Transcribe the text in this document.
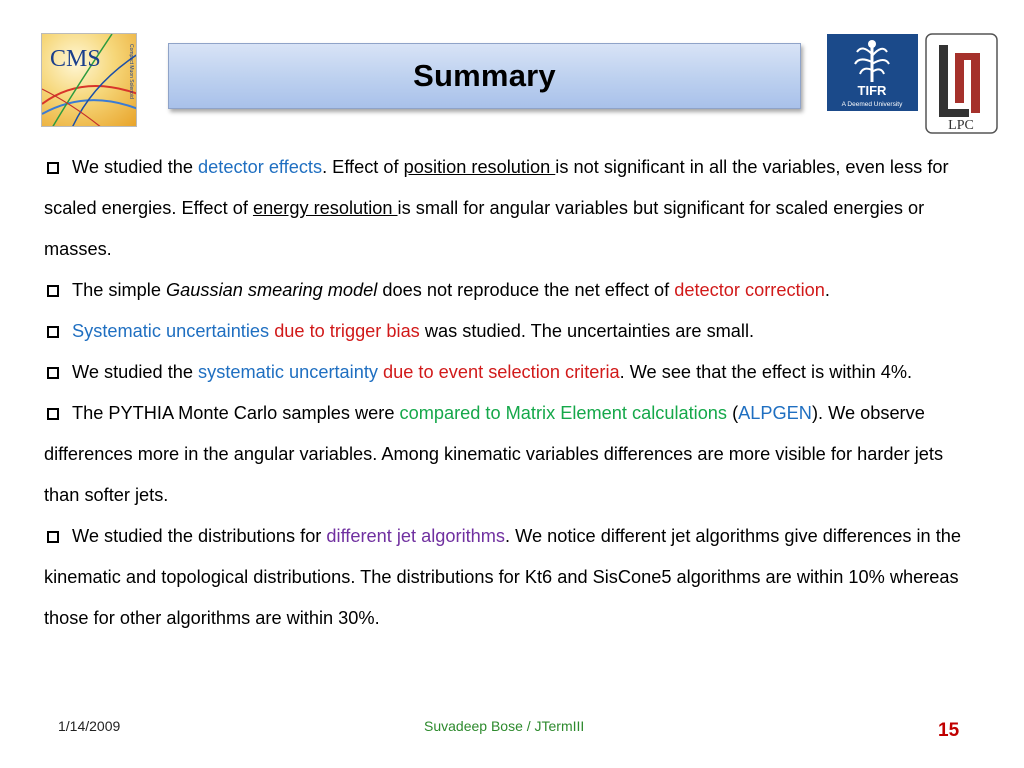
CMS	Compact Muon Solenoid	TIFR
A Deemed University
LPC
Summary

We studied the detector effects. Effect of position resolution is not significant in all the variables, even less for scaled energies. Effect of energy resolution is small for angular variables but significant for scaled energies or masses.

The simple Gaussian smearing model does not reproduce the net effect of detector correction.

Systematic uncertainties due to trigger bias was studied. The uncertainties are small.

We studied the systematic uncertainty due to event selection criteria. We see that the effect is within 4%.

The PYTHIA Monte Carlo samples were compared to Matrix Element calculations (ALPGEN). We observe differences more in the angular variables. Among kinematic variables differences are more visible for harder jets than softer jets.

We studied the distributions for different jet algorithms. We notice different jet algorithms give differences in the kinematic and topological distributions. The distributions for Kt6 and SisCone5 algorithms are within 10% whereas those for other algorithms are within 30%.

1/14/2009	Suvadeep Bose / JTermIII	15
